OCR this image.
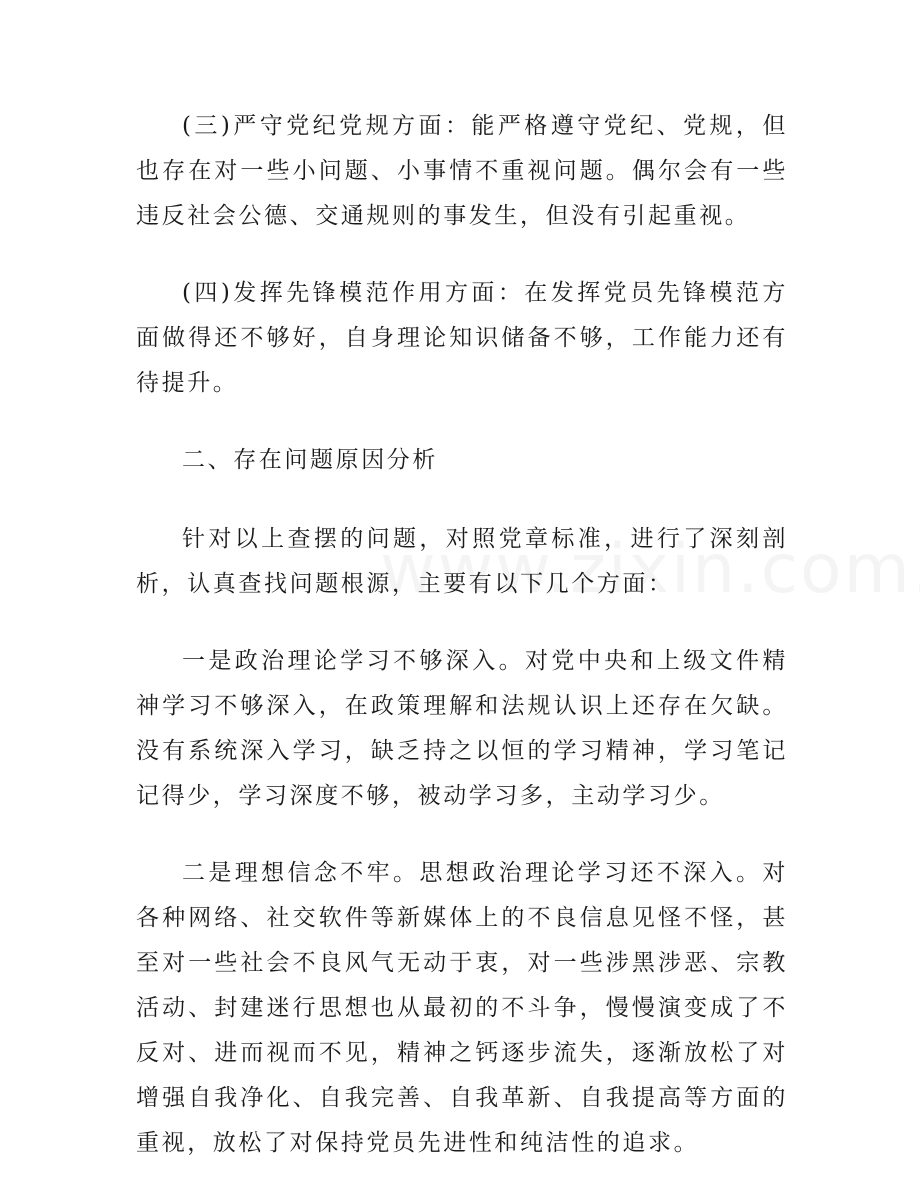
(三)严守党纪党规方面：能严格遵守党纪、党规，但也存在对一些小问题、小事情不重视问题。偶尔会有一些违反社会公德、交通规则的事发生，但没有引起重视。

(四)发挥先锋模范作用方面：在发挥党员先锋模范方面做得还不够好，自身理论知识储备不够，工作能力还有待提升。

二、存在问题原因分析

针对以上查摆的问题，对照党章标准，进行了深刻剖析，认真查找问题根源，主要有以下几个方面：

一是政治理论学习不够深入。对党中央和上级文件精神学习不够深入，在政策理解和法规认识上还存在欠缺。没有系统深入学习，缺乏持之以恒的学习精神，学习笔记记得少，学习深度不够，被动学习多，主动学习少。

二是理想信念不牢。思想政治理论学习还不深入。对各种网络、社交软件等新媒体上的不良信息见怪不怪，甚至对一些社会不良风气无动于衷，对一些涉黑涉恶、宗教活动、封建迷行思想也从最初的不斗争，慢慢演变成了不反对、进而视而不见，精神之钙逐步流失，逐渐放松了对增强自我净化、自我完善、自我革新、自我提高等方面的重视，放松了对保持党员先进性和纯洁性的追求。
